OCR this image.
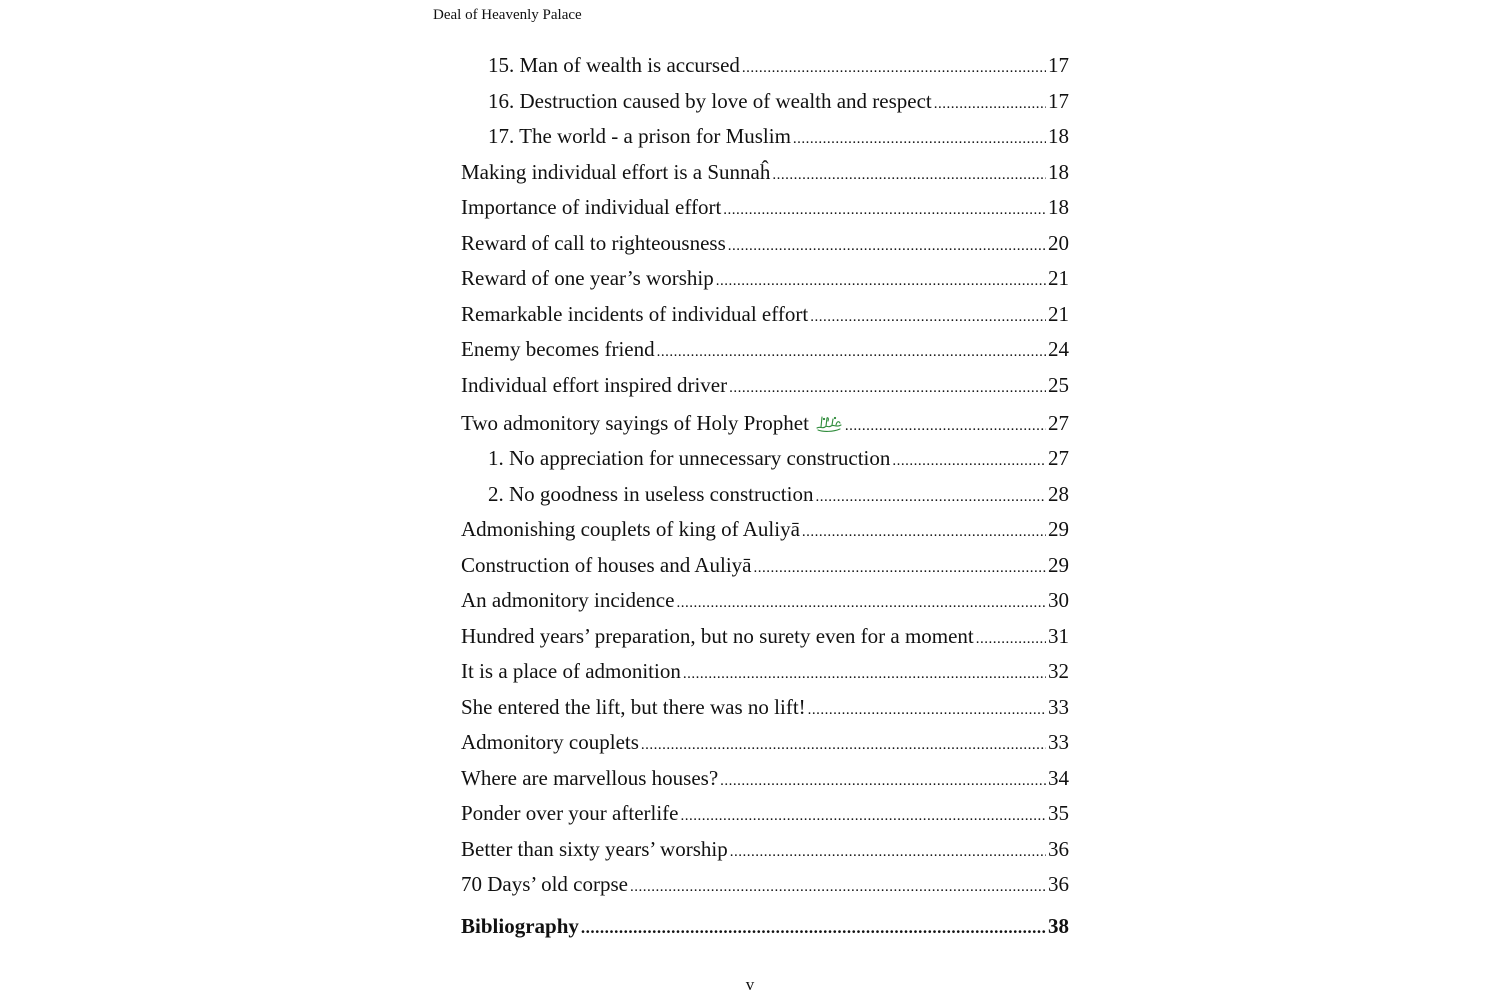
Deal of Heavenly Palace
15. Man of wealth is accursed .....	17
16. Destruction caused by love of wealth and respect .....	17
17. The world - a prison for Muslim .....	18
Making individual effort is a Sunnaĥ .....	18
Importance of individual effort .....	18
Reward of call to righteousness .....	20
Reward of one year’s worship .....	21
Remarkable incidents of individual effort .....	21
Enemy becomes friend .....	24
Individual effort inspired driver .....	25
Two admonitory sayings of Holy Prophet .....	27
1. No appreciation for unnecessary construction .....	27
2. No goodness in useless construction .....	28
Admonishing couplets of king of Auliyā .....	29
Construction of houses and Auliyā .....	29
An admonitory incidence .....	30
Hundred years’ preparation, but no surety even for a moment .....	31
It is a place of admonition .....	32
She entered the lift, but there was no lift! .....	33
Admonitory couplets .....	33
Where are marvellous houses? .....	34
Ponder over your afterlife .....	35
Better than sixty years’ worship .....	36
70 Days’ old corpse .....	36
Bibliography .....	38
v
